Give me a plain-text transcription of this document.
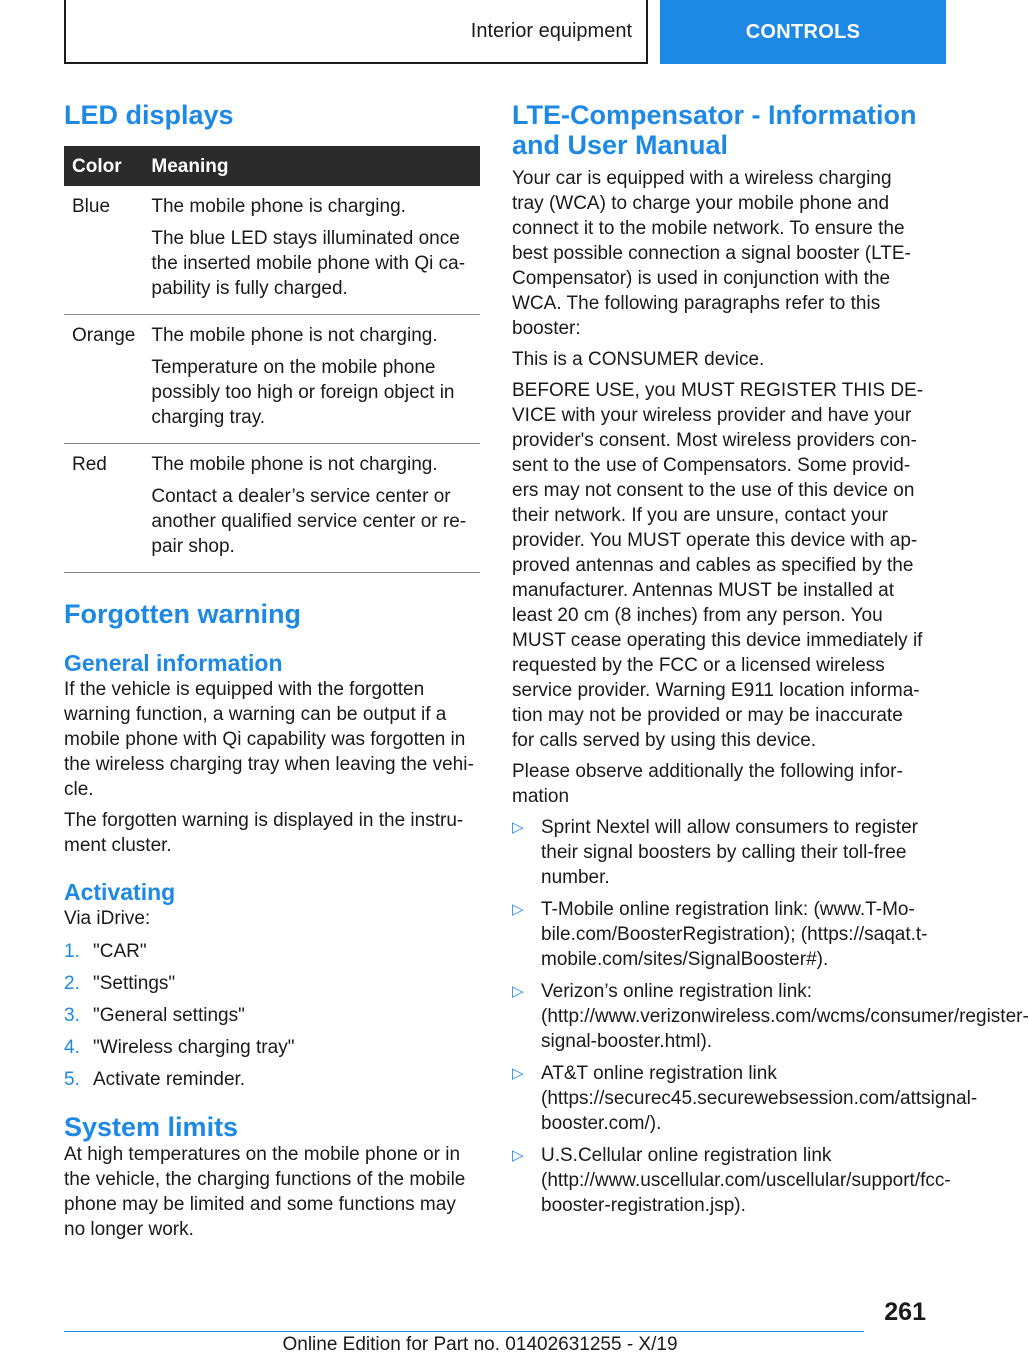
Interior equipment	CONTROLS
LED displays
Color	Meaning
Blue	The mobile phone is charging.

The blue LED stays illuminated once the inserted mobile phone with Qi ca-pability is fully charged.

Orange	The mobile phone is not charging.

Temperature on the mobile phone possibly too high or foreign object in charging tray.

Red	The mobile phone is not charging.

Contact a dealer’s service center or another qualified service center or re-pair shop.

Forgotten warning
General information

If the vehicle is equipped with the forgotten warning function, a warning can be output if a mobile phone with Qi capability was forgotten in the wireless charging tray when leaving the vehi-cle.

The forgotten warning is displayed in the instru-ment cluster.

Activating

Via iDrive:

1. "CAR"
2. "Settings"
3. "General settings"
4. "Wireless charging tray"
5. Activate reminder.
System limits

At high temperatures on the mobile phone or in the vehicle, the charging functions of the mobile phone may be limited and some functions may no longer work.

LTE-Compensator - Information and User Manual

Your car is equipped with a wireless charging tray (WCA) to charge your mobile phone and connect it to the mobile network. To ensure the best possible connection a signal booster (LTE-Compensator) is used in conjunction with the WCA. The following paragraphs refer to this booster:

This is a CONSUMER device.

BEFORE USE, you MUST REGISTER THIS DE-VICE with your wireless provider and have your provider's consent. Most wireless providers con-sent to the use of Compensators. Some provid-ers may not consent to the use of this device on their network. If you are unsure, contact your provider. You MUST operate this device with ap-proved antennas and cables as specified by the manufacturer. Antennas MUST be installed at least 20 cm (8 inches) from any person. You MUST cease operating this device immediately if requested by the FCC or a licensed wireless service provider. Warning E911 location informa-tion may not be provided or may be inaccurate for calls served by using this device.

Please observe additionally the following infor-mation

▷ Sprint Nextel will allow consumers to register their signal boosters by calling their toll-free number.
▷ T-Mobile online registration link: (www.T-Mo-bile.com/BoosterRegistration); (https://saqat.t-mobile.com/sites/SignalBooster#).
▷ Verizon’s online registration link: (http://www.verizonwireless.com/wcms/consumer/register-signal-booster.html).
▷ AT&T online registration link (https://securec45.securewebsession.com/attsignal-booster.com/).
▷ U.S.Cellular online registration link (http://www.uscellular.com/uscellular/support/fcc-booster-registration.jsp).
261
Online Edition for Part no. 01402631255 - X/19
